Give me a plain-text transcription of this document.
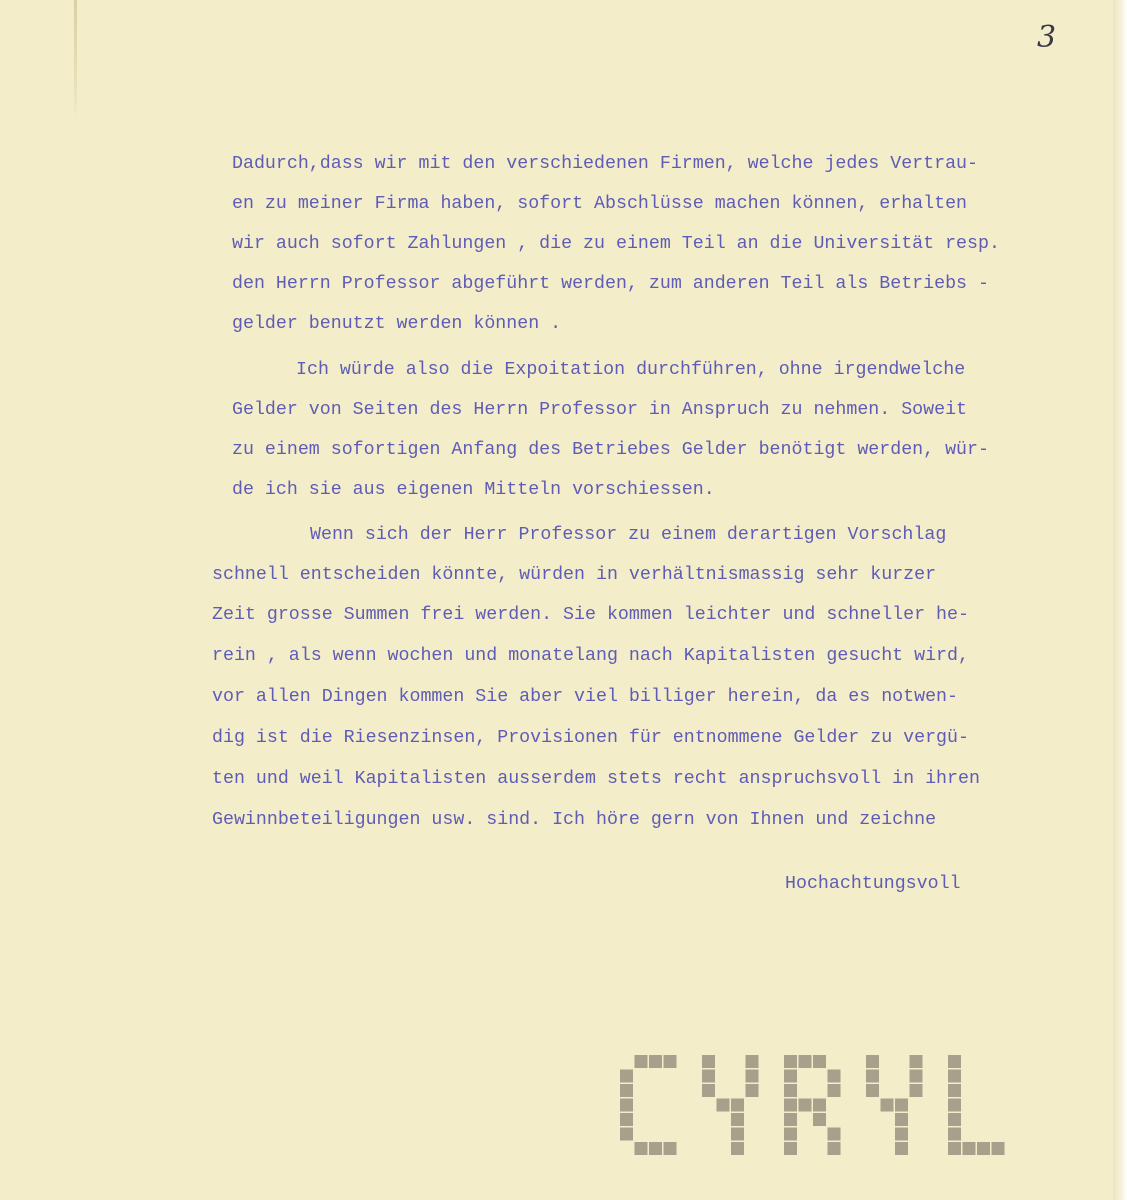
3
Dadurch,dass wir mit den verschiedenen Firmen, welche jedes Vertrau-
en zu meiner Firma haben, sofort Abschlüsse machen können, erhalten
wir auch sofort Zahlungen , die zu einem Teil an die Universität resp.
den Herrn Professor abgeführt werden, zum anderen Teil als Betriebs -
gelder benutzt werden können .
Ich würde also die Expoitation durchführen, ohne irgendwelche
Gelder von Seiten des Herrn Professor in Anspruch zu nehmen. Soweit
zu einem sofortigen Anfang des Betriebes Gelder benötigt werden, wür-
de ich sie aus eigenen Mitteln vorschiessen.
Wenn sich der Herr Professor zu einem derartigen Vorschlag
schnell entscheiden könnte, würden in verhältnismassig sehr kurzer
Zeit grosse Summen frei werden. Sie kommen leichter und schneller he-
rein , als wenn wochen und monatelang nach Kapitalisten gesucht wird,
vor allen Dingen kommen Sie aber viel billiger herein, da es notwen-
dig ist die Riesenzinsen, Provisionen für entnommene Gelder zu vergü-
ten und weil Kapitalisten ausserdem stets recht anspruchsvoll in ihren
Gewinnbeteiligungen usw. sind. Ich höre gern von Ihnen und zeichne
Hochachtungsvoll
